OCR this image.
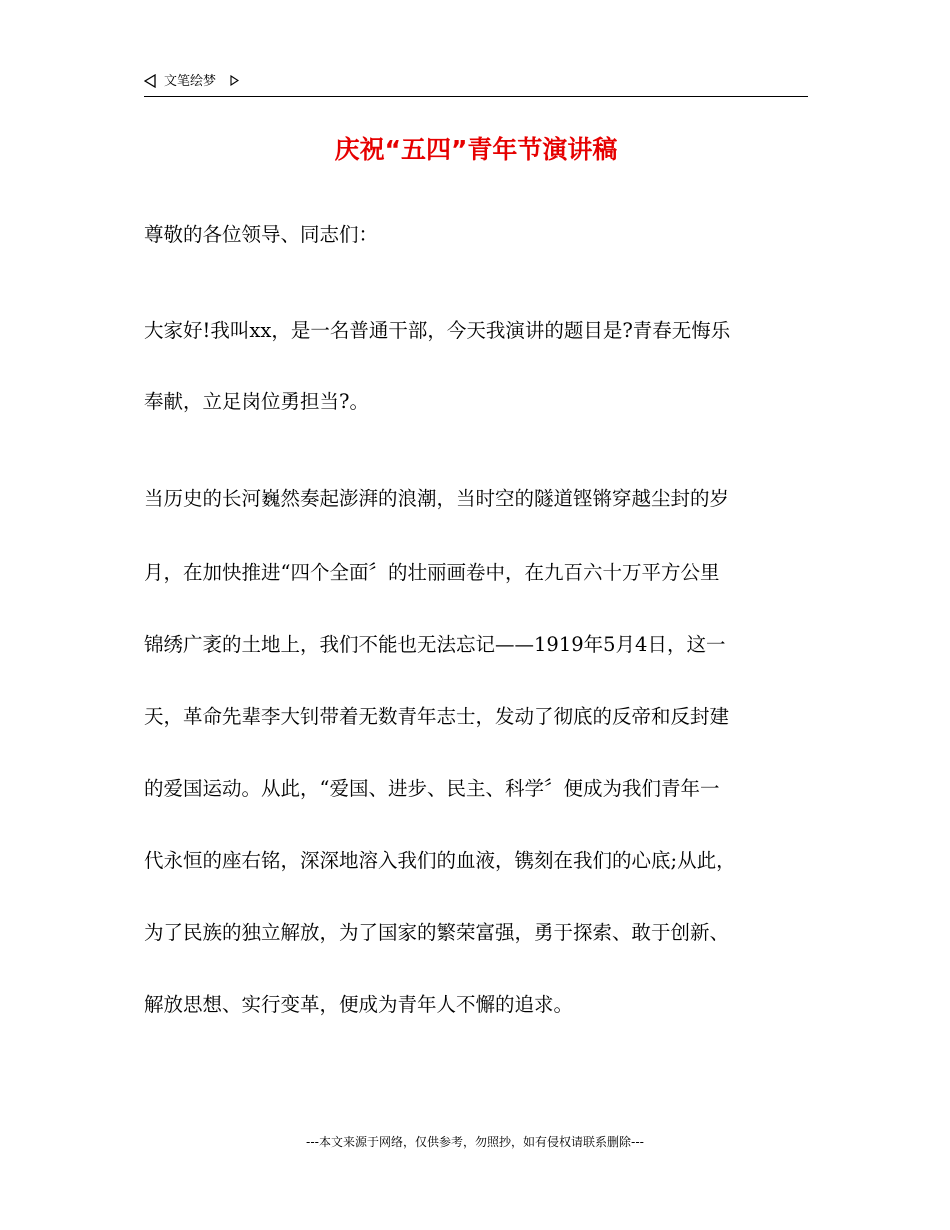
文笔绘梦
庆祝“五四”青年节演讲稿
尊敬的各位领导、同志们：
大家好!我叫xx，是一名普通干部，今天我演讲的题目是?青春无悔乐
奉献，立足岗位勇担当?。
当历史的长河巍然奏起澎湃的浪潮，当时空的隧道铿锵穿越尘封的岁
月，在加快推进“四个全面〞的壮丽画卷中，在九百六十万平方公里
锦绣广袤的土地上，我们不能也无法忘记——1919年5月4日，这一
天，革命先辈李大钊带着无数青年志士，发动了彻底的反帝和反封建
的爱国运动。从此，“爱国、进步、民主、科学〞便成为我们青年一
代永恒的座右铭，深深地溶入我们的血液，镌刻在我们的心底;从此，
为了民族的独立解放，为了国家的繁荣富强，勇于探索、敢于创新、
解放思想、实行变革，便成为青年人不懈的追求。
---本文来源于网络，仅供参考，勿照抄，如有侵权请联系删除---
